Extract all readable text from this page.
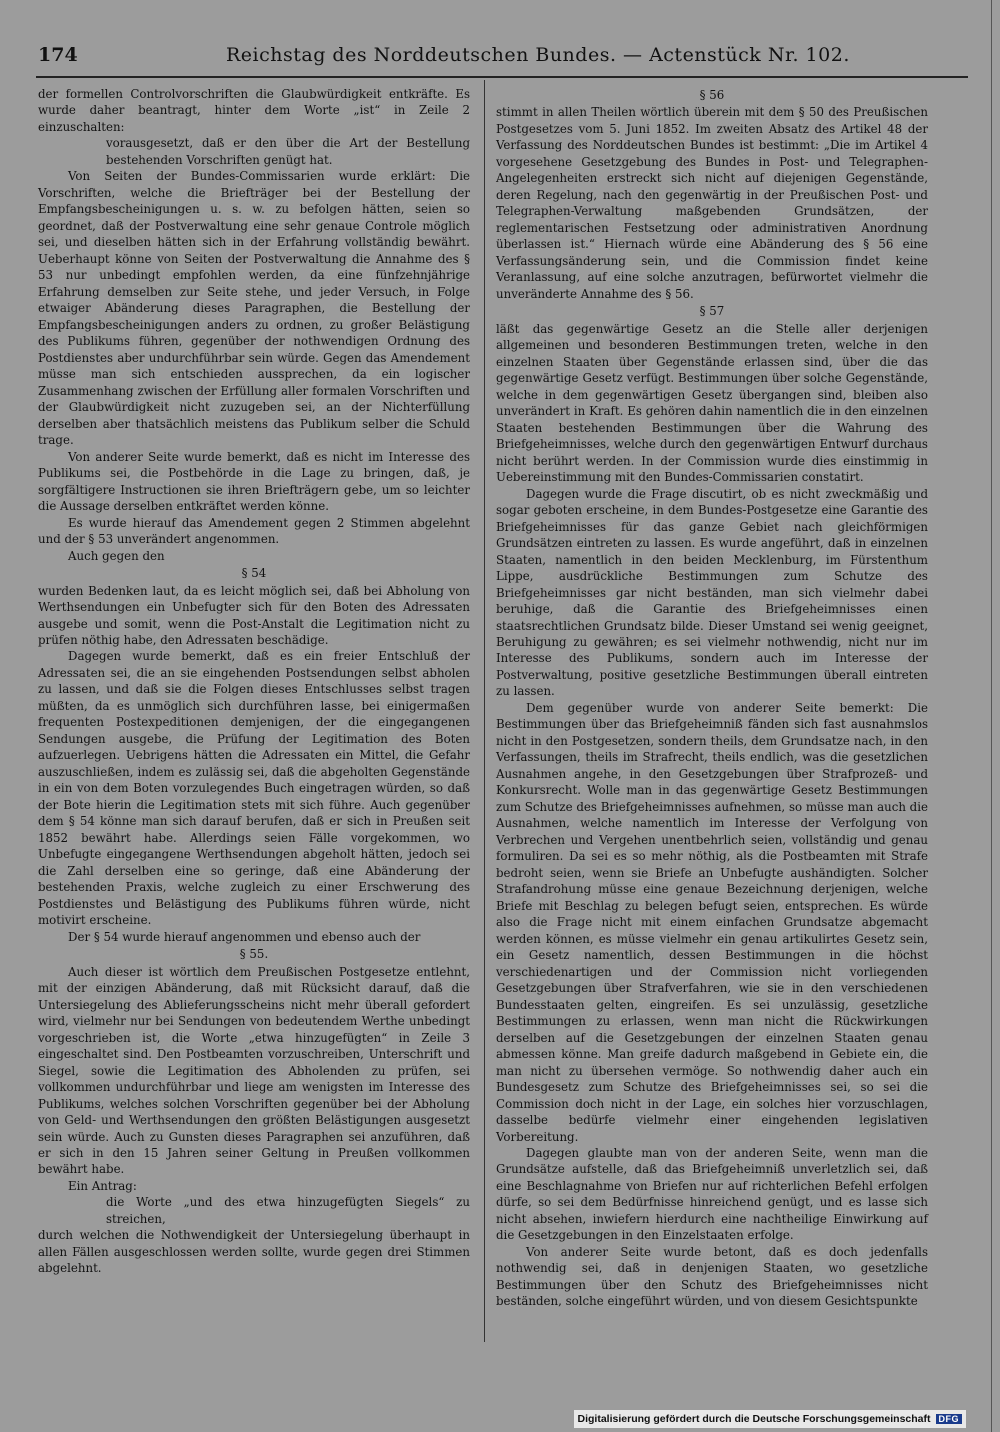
174	Reichstag des Norddeutschen Bundes. — Actenstück Nr. 102.

der formellen Controlvorschriften die Glaubwürdigkeit entkräfte. Es wurde daher beantragt, hinter dem Worte „ist“ in Zeile 2 einzuschalten:

vorausgesetzt, daß er den über die Art der Bestellung bestehenden Vorschriften genügt hat.

Von Seiten der Bundes-Commissarien wurde erklärt: Die Vorschriften, welche die Briefträger bei der Bestellung der Empfangsbescheinigungen u. s. w. zu befolgen hätten, seien so geordnet, daß der Postverwaltung eine sehr genaue Controle möglich sei, und dieselben hätten sich in der Erfahrung vollständig bewährt. Ueberhaupt könne von Seiten der Postverwaltung die Annahme des § 53 nur unbedingt empfohlen werden, da eine fünfzehnjährige Erfahrung demselben zur Seite stehe, und jeder Versuch, in Folge etwaiger Abänderung dieses Paragraphen, die Bestellung der Empfangsbescheinigungen anders zu ordnen, zu großer Belästigung des Publikums führen, gegenüber der nothwendigen Ordnung des Postdienstes aber undurchführbar sein würde. Gegen das Amendement müsse man sich entschieden aussprechen, da ein logischer Zusammenhang zwischen der Erfüllung aller formalen Vorschriften und der Glaubwürdigkeit nicht zuzugeben sei, an der Nichterfüllung derselben aber thatsächlich meistens das Publikum selber die Schuld trage.

Von anderer Seite wurde bemerkt, daß es nicht im Interesse des Publikums sei, die Postbehörde in die Lage zu bringen, daß, je sorgfältigere Instructionen sie ihren Briefträgern gebe, um so leichter die Aussage derselben entkräftet werden könne.

Es wurde hierauf das Amendement gegen 2 Stimmen abgelehnt und der § 53 unverändert angenommen.

Auch gegen den

§ 54

wurden Bedenken laut, da es leicht möglich sei, daß bei Abholung von Werthsendungen ein Unbefugter sich für den Boten des Adressaten ausgebe und somit, wenn die Post-Anstalt die Legitimation nicht zu prüfen nöthig habe, den Adressaten beschädige.

Dagegen wurde bemerkt, daß es ein freier Entschluß der Adressaten sei, die an sie eingehenden Postsendungen selbst abholen zu lassen, und daß sie die Folgen dieses Entschlusses selbst tragen müßten, da es unmöglich sich durchführen lasse, bei einigermaßen frequenten Postexpeditionen demjenigen, der die eingegangenen Sendungen ausgebe, die Prüfung der Legitimation des Boten aufzuerlegen. Uebrigens hätten die Adressaten ein Mittel, die Gefahr auszuschließen, indem es zulässig sei, daß die abgeholten Gegenstände in ein von dem Boten vorzulegendes Buch eingetragen würden, so daß der Bote hierin die Legitimation stets mit sich führe. Auch gegenüber dem § 54 könne man sich darauf berufen, daß er sich in Preußen seit 1852 bewährt habe. Allerdings seien Fälle vorgekommen, wo Unbefugte eingegangene Werthsendungen abgeholt hätten, jedoch sei die Zahl derselben eine so geringe, daß eine Abänderung der bestehenden Praxis, welche zugleich zu einer Erschwerung des Postdienstes und Belästigung des Publikums führen würde, nicht motivirt erscheine.

Der § 54 wurde hierauf angenommen und ebenso auch der

§ 55.

Auch dieser ist wörtlich dem Preußischen Postgesetze entlehnt, mit der einzigen Abänderung, daß mit Rücksicht darauf, daß die Untersiegelung des Ablieferungsscheins nicht mehr überall gefordert wird, vielmehr nur bei Sendungen von bedeutendem Werthe unbedingt vorgeschrieben ist, die Worte „etwa hinzugefügten“ in Zeile 3 eingeschaltet sind. Den Postbeamten vorzuschreiben, Unterschrift und Siegel, sowie die Legitimation des Abholenden zu prüfen, sei vollkommen undurchführbar und liege am wenigsten im Interesse des Publikums, welches solchen Vorschriften gegenüber bei der Abholung von Geld- und Werthsendungen den größten Belästigungen ausgesetzt sein würde. Auch zu Gunsten dieses Paragraphen sei anzuführen, daß er sich in den 15 Jahren seiner Geltung in Preußen vollkommen bewährt habe.

Ein Antrag:

die Worte „und des etwa hinzugefügten Siegels“ zu streichen,

durch welchen die Nothwendigkeit der Untersiegelung überhaupt in allen Fällen ausgeschlossen werden sollte, wurde gegen drei Stimmen abgelehnt.

§ 56

stimmt in allen Theilen wörtlich überein mit dem § 50 des Preußischen Postgesetzes vom 5. Juni 1852. Im zweiten Absatz des Artikel 48 der Verfassung des Norddeutschen Bundes ist bestimmt: „Die im Artikel 4 vorgesehene Gesetzgebung des Bundes in Post- und Telegraphen-Angelegenheiten erstreckt sich nicht auf diejenigen Gegenstände, deren Regelung, nach den gegenwärtig in der Preußischen Post- und Telegraphen-Verwaltung maßgebenden Grundsätzen, der reglementarischen Festsetzung oder administrativen Anordnung überlassen ist.“ Hiernach würde eine Abänderung des § 56 eine Verfassungsänderung sein, und die Commission findet keine Veranlassung, auf eine solche anzutragen, befürwortet vielmehr die unveränderte Annahme des § 56.

§ 57

läßt das gegenwärtige Gesetz an die Stelle aller derjenigen allgemeinen und besonderen Bestimmungen treten, welche in den einzelnen Staaten über Gegenstände erlassen sind, über die das gegenwärtige Gesetz verfügt. Bestimmungen über solche Gegenstände, welche in dem gegenwärtigen Gesetz übergangen sind, bleiben also unverändert in Kraft. Es gehören dahin namentlich die in den einzelnen Staaten bestehenden Bestimmungen über die Wahrung des Briefgeheimnisses, welche durch den gegenwärtigen Entwurf durchaus nicht berührt werden. In der Commission wurde dies einstimmig in Uebereinstimmung mit den Bundes-Commissarien constatirt.

Dagegen wurde die Frage discutirt, ob es nicht zweckmäßig und sogar geboten erscheine, in dem Bundes-Postgesetze eine Garantie des Briefgeheimnisses für das ganze Gebiet nach gleichförmigen Grundsätzen eintreten zu lassen. Es wurde angeführt, daß in einzelnen Staaten, namentlich in den beiden Mecklenburg, im Fürstenthum Lippe, ausdrückliche Bestimmungen zum Schutze des Briefgeheimnisses gar nicht beständen, man sich vielmehr dabei beruhige, daß die Garantie des Briefgeheimnisses einen staatsrechtlichen Grundsatz bilde. Dieser Umstand sei wenig geeignet, Beruhigung zu gewähren; es sei vielmehr nothwendig, nicht nur im Interesse des Publikums, sondern auch im Interesse der Postverwaltung, positive gesetzliche Bestimmungen überall eintreten zu lassen.

Dem gegenüber wurde von anderer Seite bemerkt: Die Bestimmungen über das Briefgeheimniß fänden sich fast ausnahmslos nicht in den Postgesetzen, sondern theils, dem Grundsatze nach, in den Verfassungen, theils im Strafrecht, theils endlich, was die gesetzlichen Ausnahmen angehe, in den Gesetzgebungen über Strafprozeß- und Konkursrecht. Wolle man in das gegenwärtige Gesetz Bestimmungen zum Schutze des Briefgeheimnisses aufnehmen, so müsse man auch die Ausnahmen, welche namentlich im Interesse der Verfolgung von Verbrechen und Vergehen unentbehrlich seien, vollständig und genau formuliren. Da sei es so mehr nöthig, als die Postbeamten mit Strafe bedroht seien, wenn sie Briefe an Unbefugte aushändigten. Solcher Strafandrohung müsse eine genaue Bezeichnung derjenigen, welche Briefe mit Beschlag zu belegen befugt seien, entsprechen. Es würde also die Frage nicht mit einem einfachen Grundsatze abgemacht werden können, es müsse vielmehr ein genau artikulirtes Gesetz sein, ein Gesetz namentlich, dessen Bestimmungen in die höchst verschiedenartigen und der Commission nicht vorliegenden Gesetzgebungen über Strafverfahren, wie sie in den verschiedenen Bundesstaaten gelten, eingreifen. Es sei unzulässig, gesetzliche Bestimmungen zu erlassen, wenn man nicht die Rückwirkungen derselben auf die Gesetzgebungen der einzelnen Staaten genau abmessen könne. Man greife dadurch maßgebend in Gebiete ein, die man nicht zu übersehen vermöge. So nothwendig daher auch ein Bundesgesetz zum Schutze des Briefgeheimnisses sei, so sei die Commission doch nicht in der Lage, ein solches hier vorzuschlagen, dasselbe bedürfe vielmehr einer eingehenden legislativen Vorbereitung.

Dagegen glaubte man von der anderen Seite, wenn man die Grundsätze aufstelle, daß das Briefgeheimniß unverletzlich sei, daß eine Beschlagnahme von Briefen nur auf richterlichen Befehl erfolgen dürfe, so sei dem Bedürfnisse hinreichend genügt, und es lasse sich nicht absehen, inwiefern hierdurch eine nachtheilige Einwirkung auf die Gesetzgebungen in den Einzelstaaten erfolge.

Von anderer Seite wurde betont, daß es doch jedenfalls nothwendig sei, daß in denjenigen Staaten, wo gesetzliche Bestimmungen über den Schutz des Briefgeheimnisses nicht beständen, solche eingeführt würden, und von diesem Gesichtspunkte

Digitalisierung gefördert durch die Deutsche Forschungsgemeinschaft DFG
